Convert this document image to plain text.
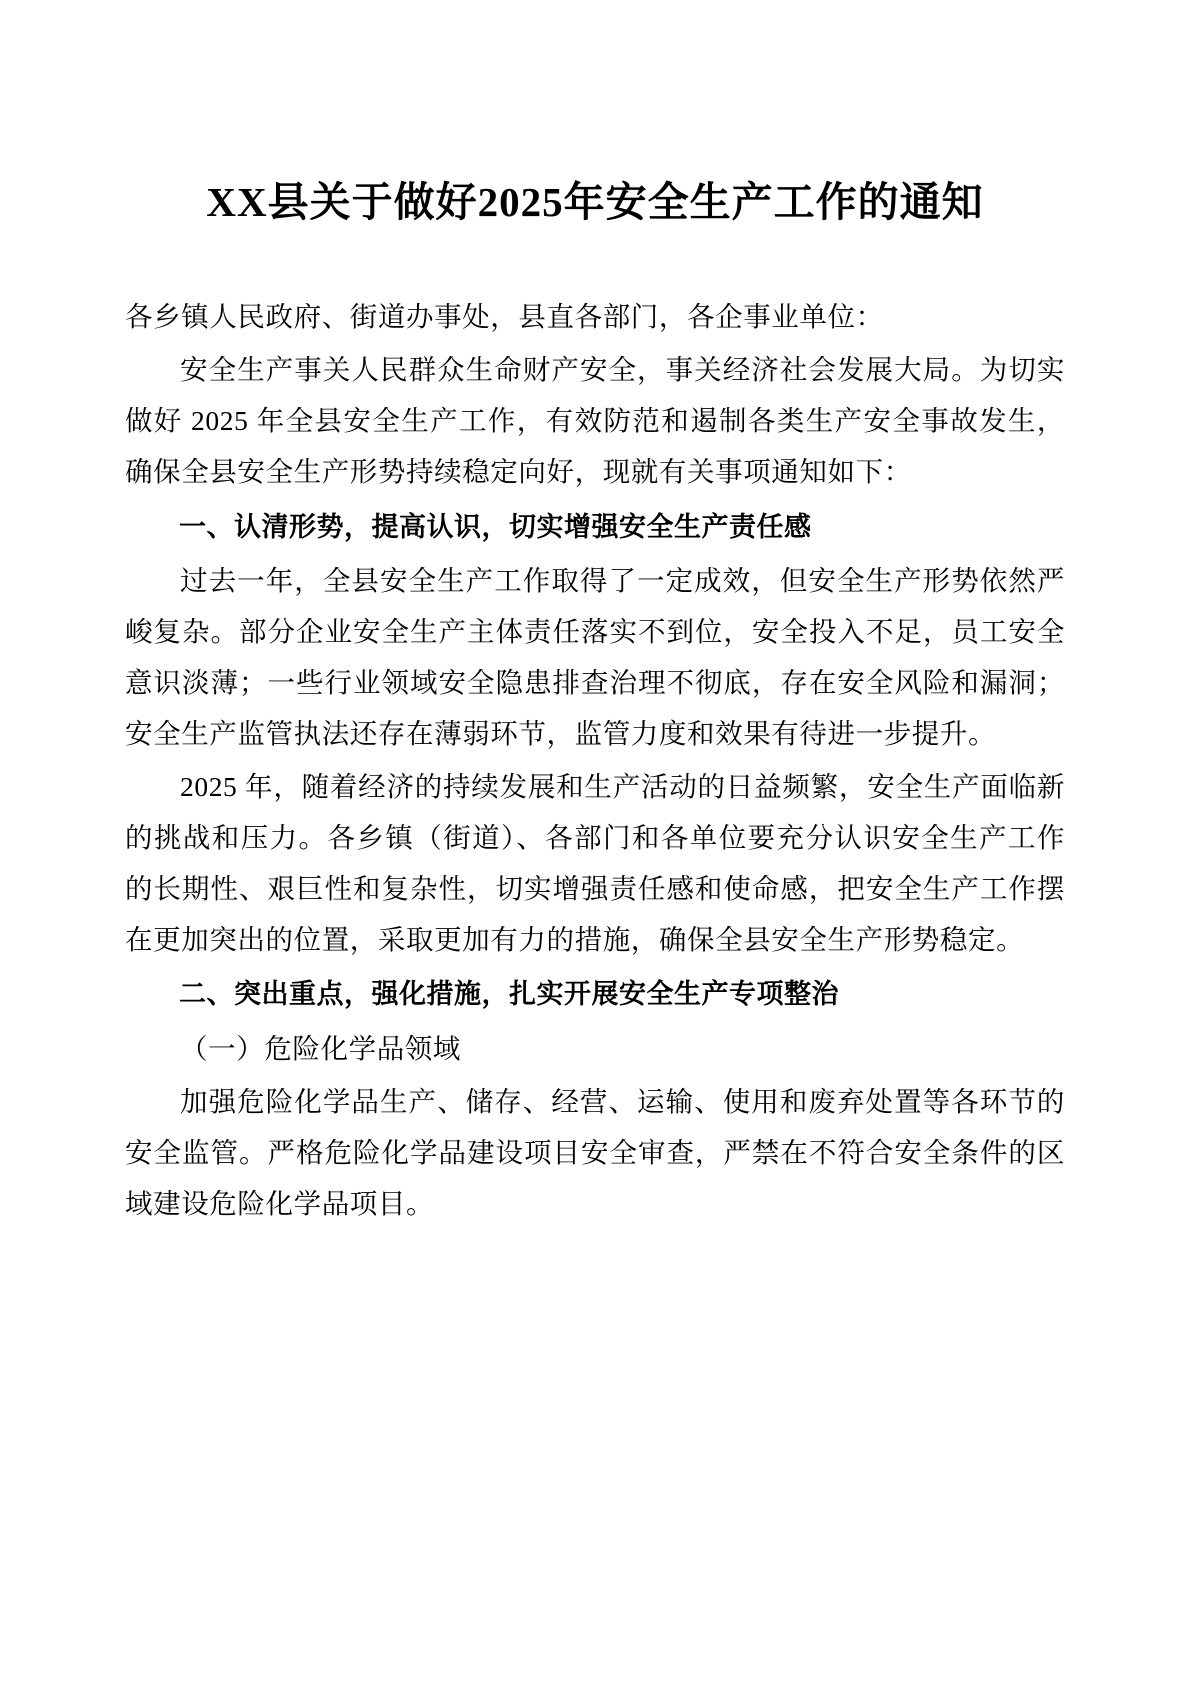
XX县关于做好2025年安全生产工作的通知

各乡镇人民政府、街道办事处，县直各部门，各企事业单位：

安全生产事关人民群众生命财产安全，事关经济社会发展大局。为切实做好 2025 年全县安全生产工作，有效防范和遏制各类生产安全事故发生，确保全县安全生产形势持续稳定向好，现就有关事项通知如下：

一、认清形势，提高认识，切实增强安全生产责任感

过去一年，全县安全生产工作取得了一定成效，但安全生产形势依然严峻复杂。部分企业安全生产主体责任落实不到位，安全投入不足，员工安全意识淡薄；一些行业领域安全隐患排查治理不彻底，存在安全风险和漏洞；安全生产监管执法还存在薄弱环节，监管力度和效果有待进一步提升。

2025 年，随着经济的持续发展和生产活动的日益频繁，安全生产面临新的挑战和压力。各乡镇（街道）、各部门和各单位要充分认识安全生产工作的长期性、艰巨性和复杂性，切实增强责任感和使命感，把安全生产工作摆在更加突出的位置，采取更加有力的措施，确保全县安全生产形势稳定。

二、突出重点，强化措施，扎实开展安全生产专项整治
（一）危险化学品领域

加强危险化学品生产、储存、经营、运输、使用和废弃处置等各环节的安全监管。严格危险化学品建设项目安全审查，严禁在不符合安全条件的区域建设危险化学品项目。
